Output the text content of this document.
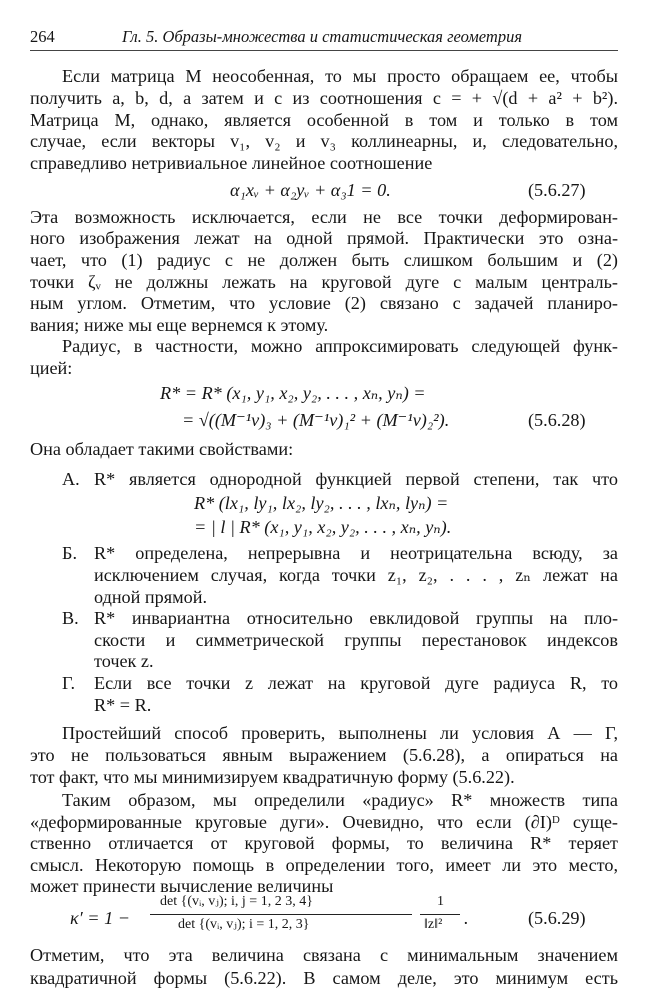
264	Гл. 5. Образы-множества и статистическая геометрия
Если матрица M неособенная, то мы просто обращаем ее, чтобы
получить a, b, d, а затем и c из соотношения c = + √(d + a² + b²).
Матрица M, однако, является особенной в том и только в том
случае, если векторы v₁, v₂ и v₃ коллинеарны, и, следовательно,
справедливо нетривиальное линейное соотношение
α₁xᵥ + α₂yᵥ + α₃1 = 0.	(5.6.27)
Эта возможность исключается, если не все точки деформирован-
ного изображения лежат на одной прямой. Практически это озна-
чает, что (1) радиус c не должен быть слишком большим и (2)
точки ζᵥ не должны лежать на круговой дуге с малым централь-
ным углом. Отметим, что условие (2) связано с задачей планиро-
вания; ниже мы еще вернемся к этому.
Радиус, в частности, можно аппроксимировать следующей функ-
цией:
R* = R* (x₁, y₁, x₂, y₂, . . . , xₙ, yₙ) =
= √((M⁻¹v)₃ + (M⁻¹v)₁² + (M⁻¹v)₂²).	(5.6.28)
Она обладает такими свойствами:
А. R* является однородной функцией первой степени, так что
R* (lx₁, ly₁, lx₂, ly₂, . . . , lxₙ, lyₙ) =
= | l | R* (x₁, y₁, x₂, y₂, . . . , xₙ, yₙ).
Б. R* определена, непрерывна и неотрицательна всюду, за
исключением случая, когда точки z₁, z₂, . . . , zₙ лежат на
одной прямой.
В. R* инвариантна относительно евклидовой группы на пло-
скости и симметрической группы перестановок индексов
точек z.
Г. Если все точки z лежат на круговой дуге радиуса R, то
R* = R.
Простейший способ проверить, выполнены ли условия А — Г,
это не пользоваться явным выражением (5.6.28), а опираться на
тот факт, что мы минимизируем квадратичную форму (5.6.22).
Таким образом, мы определили «радиус» R* множеств типа
«деформированные круговые дуги». Очевидно, что если (∂I)ᴰ суще-
ственно отличается от круговой формы, то величина R* теряет
смысл. Некоторую помощь в определении того, имеет ли это место,
может принести вычисление величины
κ′ = 1 −
det {(vᵢ, vⱼ); i, j = 1, 2 3, 4}
det {(vᵢ, vⱼ); i = 1, 2, 3}
1
‖z‖² .	(5.6.29)
Отметим, что эта величина связана с минимальным значением
квадратичной формы (5.6.22). В самом деле, это минимум есть
